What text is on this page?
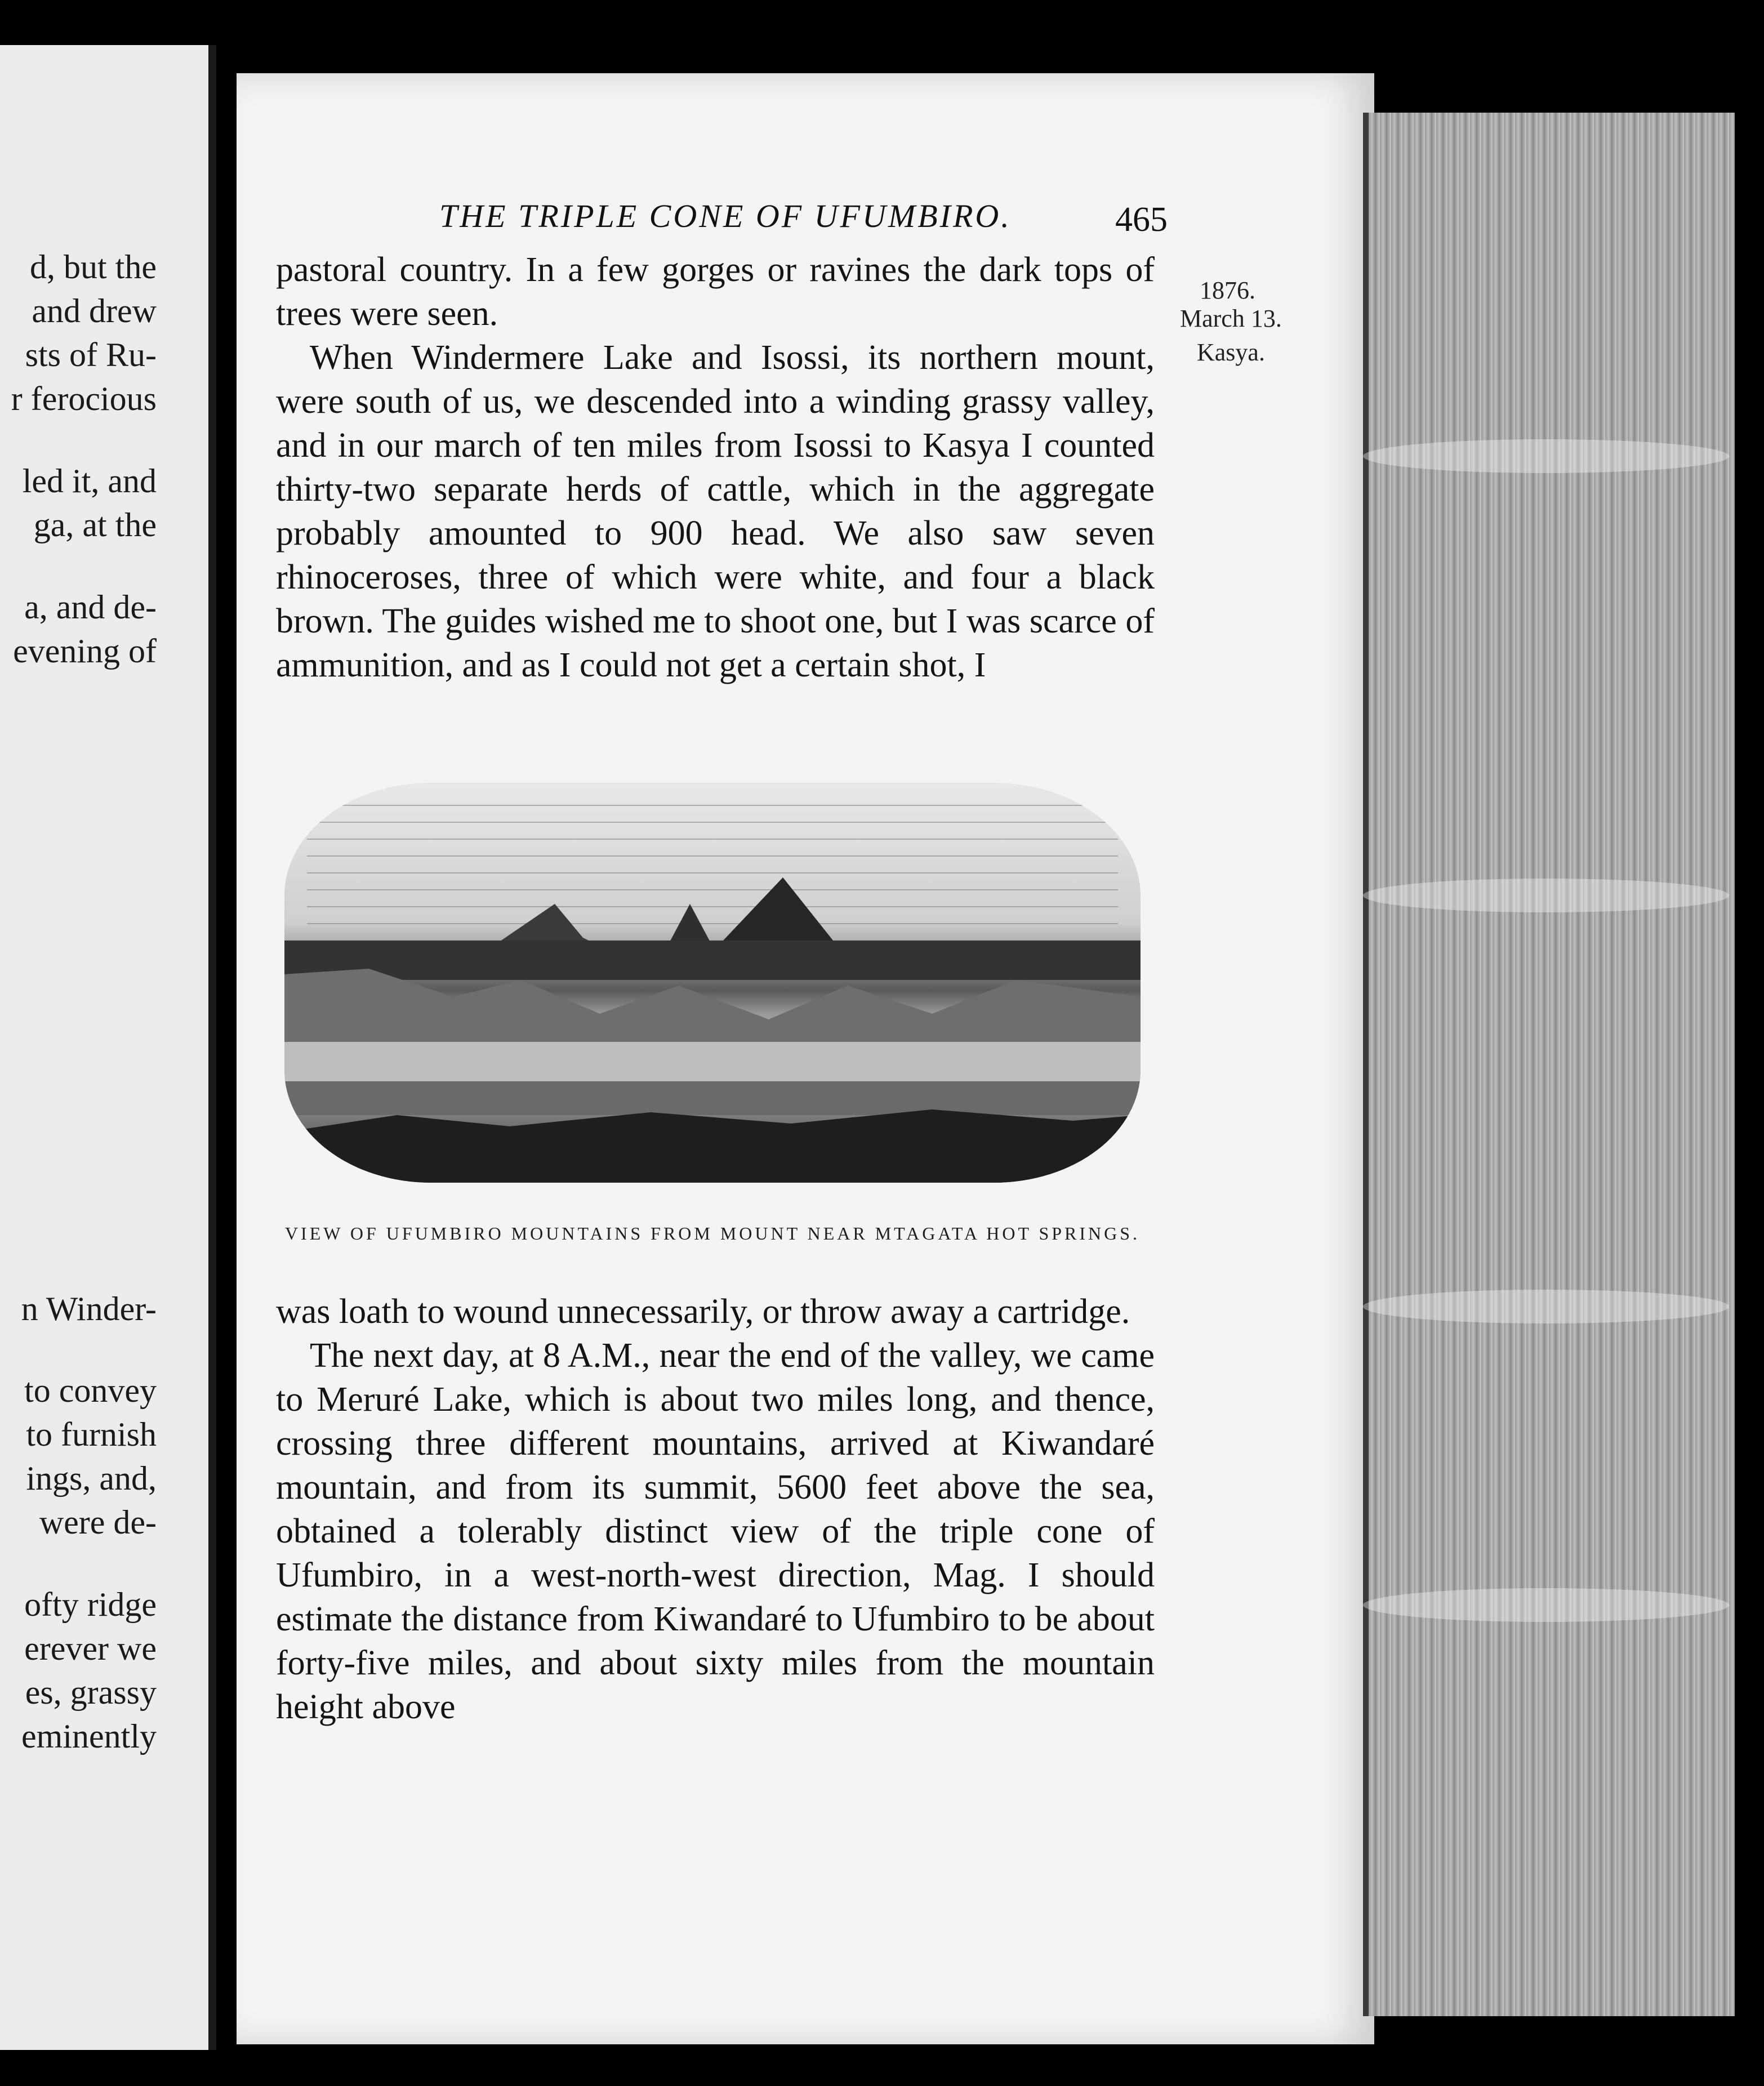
d, but the
and drew
sts of Ru-
r ferocious
led it, and
ga, at the
a, and de-
evening of
n Winder-
to convey
to furnish
ings, and,
were de-
ofty ridge
erever we
es, grassy
eminently
THE TRIPLE CONE OF UFUMBIRO.	465
1876.
March 13.
Kasya.

pastoral country. In a few gorges or ravines the dark tops of trees were seen.

When Windermere Lake and Isossi, its northern mount, were south of us, we descended into a winding grassy valley, and in our march of ten miles from Isossi to Kasya I counted thirty-two separate herds of cattle, which in the aggregate probably amounted to 900 head. We also saw seven rhinoceroses, three of which were white, and four a black brown. The guides wished me to shoot one, but I was scarce of ammunition, and as I could not get a certain shot, I

VIEW OF UFUMBIRO MOUNTAINS FROM MOUNT NEAR MTAGATA HOT SPRINGS.

was loath to wound unnecessarily, or throw away a cartridge.

The next day, at 8 A.M., near the end of the valley, we came to Meruré Lake, which is about two miles long, and thence, crossing three different mountains, arrived at Kiwandaré mountain, and from its summit, 5600 feet above the sea, obtained a tolerably distinct view of the triple cone of Ufumbiro, in a west-north-west direction, Mag. I should estimate the distance from Kiwandaré to Ufumbiro to be about forty-five miles, and about sixty miles from the mountain height above
